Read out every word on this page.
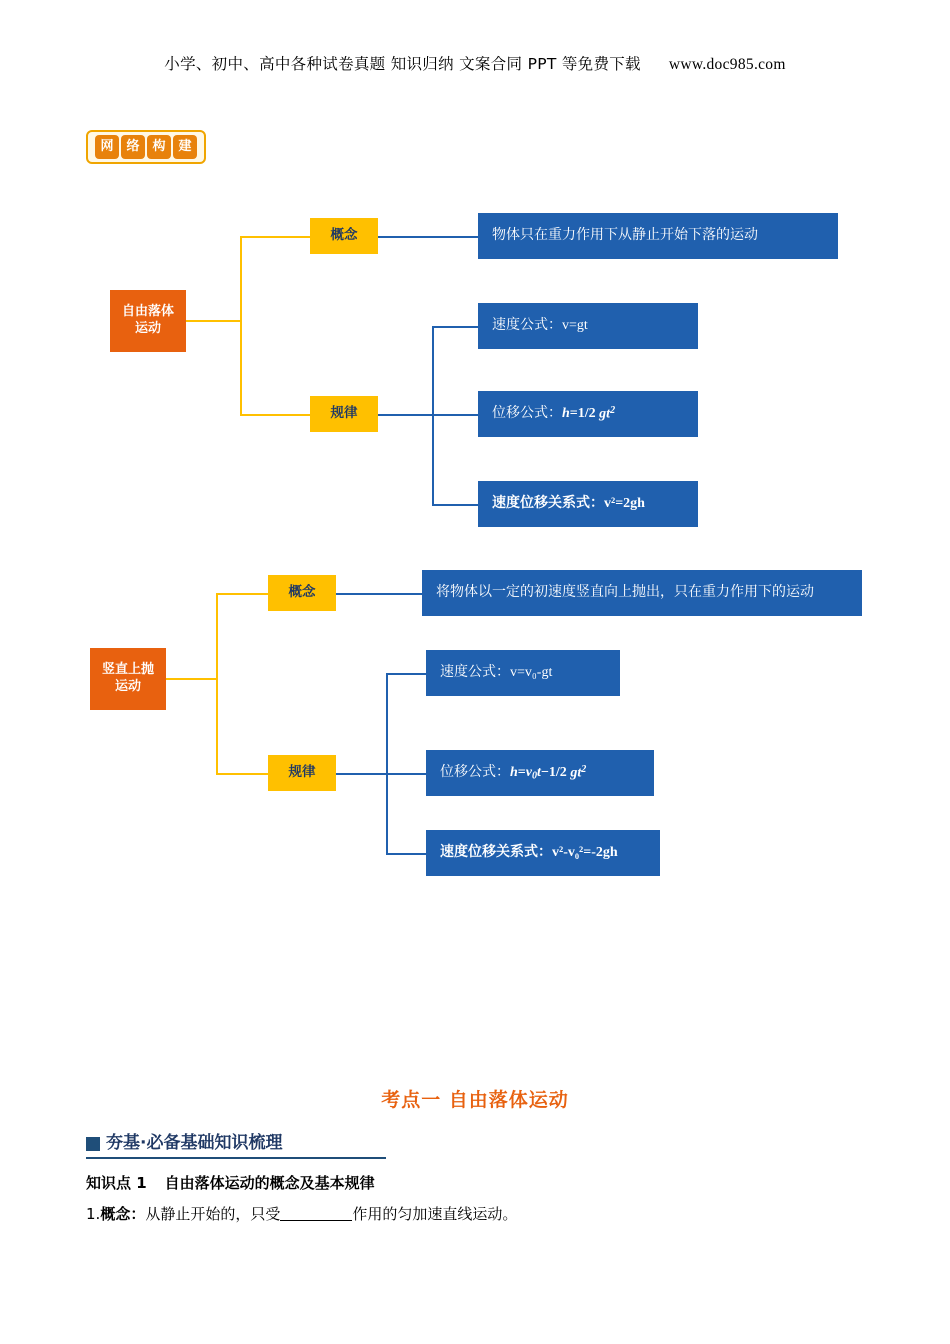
小学、初中、高中各种试卷真题 知识归纳 文案合同 PPT 等免费下载 www.doc985.com
网 络 构 建
自由落体
运动
概念
规律
物体只在重力作用下从静止开始下落的运动
速度公式：v=gt
位移公式： h =1/2 $gt^2$
速度位移关系式：v²=2gh
竖直上抛
运动
概念
规律
将物体以一定的初速度竖直向上抛出，只在重力作用下的运动
速度公式：v=v₀-gt
位移公式： $h = v_0t -1/2$ $gt^2$
速度位移关系式：v²-v₀²=-2gh
考点一 自由落体运动
夯基·必备基础知识梳理
知识点 1 自由落体运动的概念及基本规律
1.概念：从静止开始的，只受	作用的匀加速直线运动。
